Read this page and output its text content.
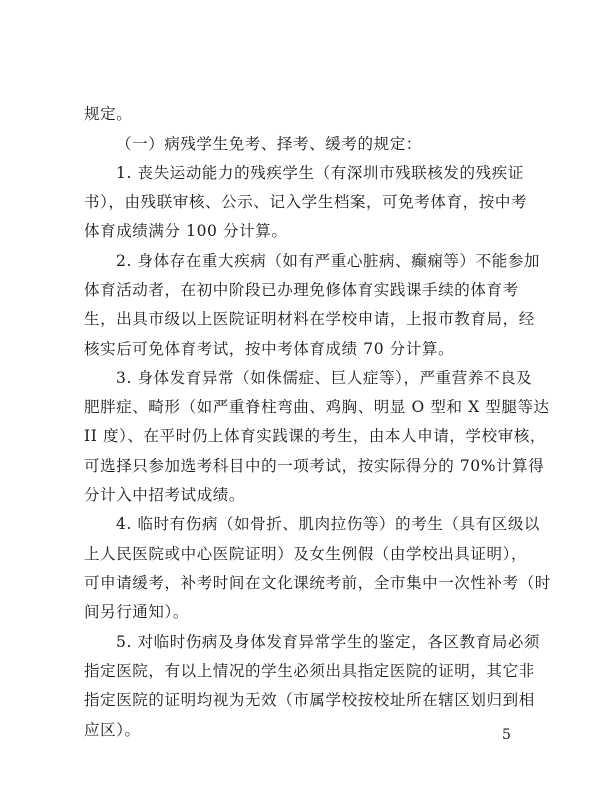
规定。
（一）病残学生免考、择考、缓考的规定：
1. 丧失运动能力的残疾学生（有深圳市残联核发的残疾证
书），由残联审核、公示、记入学生档案，可免考体育，按中考
体育成绩满分 100 分计算。
2. 身体存在重大疾病（如有严重心脏病、癫痫等）不能参加
体育活动者，在初中阶段已办理免修体育实践课手续的体育考
生，出具市级以上医院证明材料在学校申请，上报市教育局，经
核实后可免体育考试，按中考体育成绩 70 分计算。
3. 身体发育异常（如侏儒症、巨人症等），严重营养不良及
肥胖症、畸形（如严重脊柱弯曲、鸡胸、明显 O 型和 X 型腿等达
II 度）、在平时仍上体育实践课的考生，由本人申请，学校审核，
可选择只参加选考科目中的一项考试，按实际得分的 70%计算得
分计入中招考试成绩。
4. 临时有伤病（如骨折、肌肉拉伤等）的考生（具有区级以
上人民医院或中心医院证明）及女生例假（由学校出具证明），
可申请缓考，补考时间在文化课统考前，全市集中一次性补考（时
间另行通知）。
5. 对临时伤病及身体发育异常学生的鉴定，各区教育局必须
指定医院，有以上情况的学生必须出具指定医院的证明，其它非
指定医院的证明均视为无效（市属学校按校址所在辖区划归到相
应区）。	5
